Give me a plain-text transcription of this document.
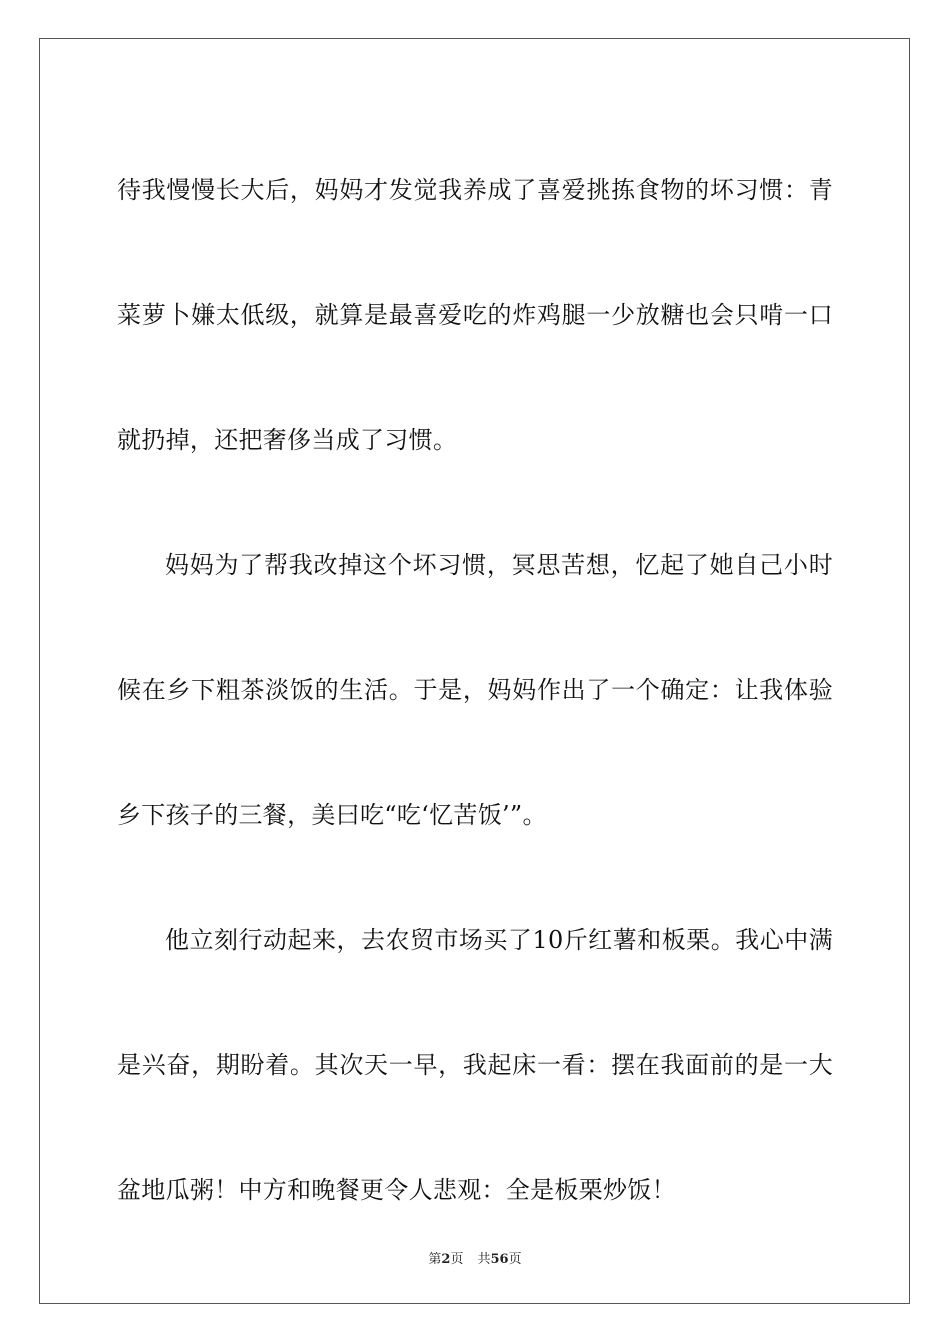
待我慢慢长大后，妈妈才发觉我养成了喜爱挑拣食物的坏习惯：青菜萝卜嫌太低级，就算是最喜爱吃的炸鸡腿一少放糖也会只啃一口就扔掉，还把奢侈当成了习惯。

妈妈为了帮我改掉这个坏习惯，冥思苦想，忆起了她自己小时候在乡下粗茶淡饭的生活。于是，妈妈作出了一个确定：让我体验乡下孩子的三餐，美曰吃“吃‘忆苦饭’”。

他立刻行动起来，去农贸市场买了10斤红薯和板栗。我心中满是兴奋，期盼着。其次天一早，我起床一看：摆在我面前的是一大盆地瓜粥！中方和晚餐更令人悲观：全是板栗炒饭！

第2页 共56页
